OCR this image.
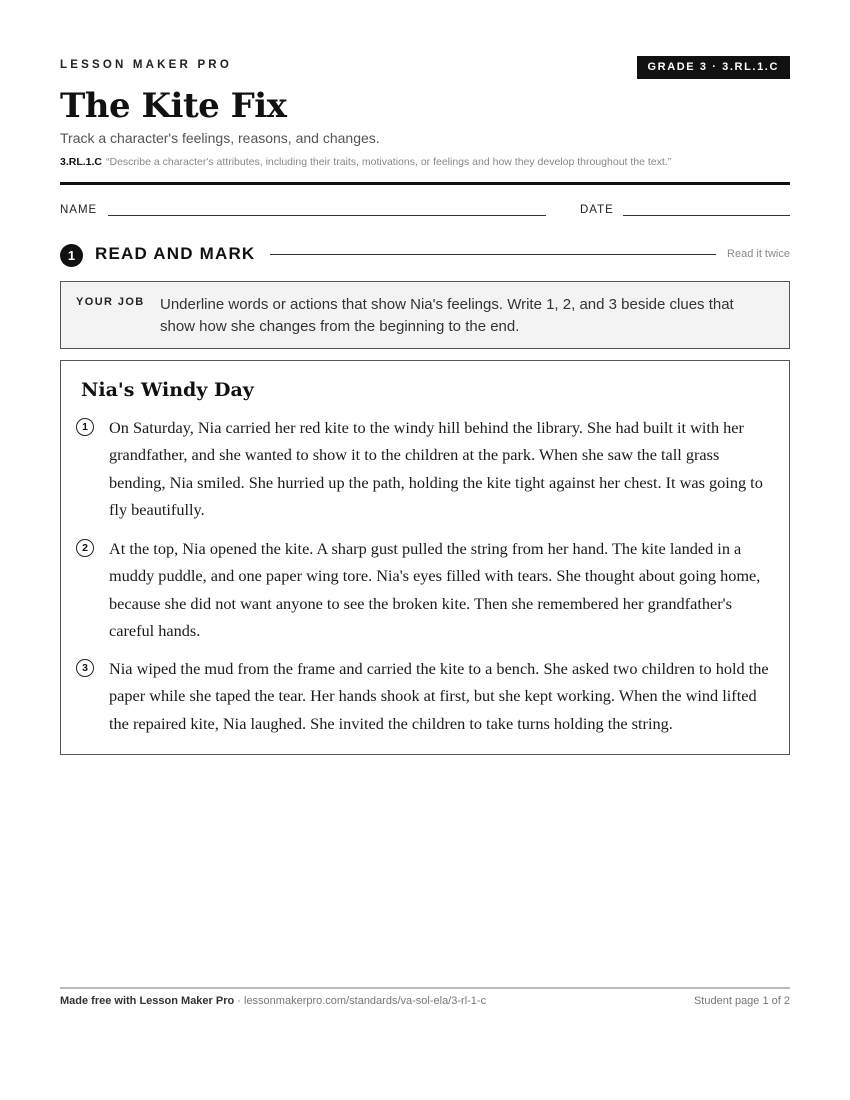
LESSON MAKER PRO	GRADE 3 · 3.RL.1.C
The Kite Fix
Track a character's feelings, reasons, and changes.
3.RL.1.C “Describe a character's attributes, including their traits, motivations, or feelings and how they develop throughout the text.”
NAME	DATE
1	READ AND MARK	Read it twice
YOUR JOB Underline words or actions that show Nia's feelings. Write 1, 2, and 3 beside clues that show how she changes from the beginning to the end.
Nia's Windy Day
1	On Saturday, Nia carried her red kite to the windy hill behind the library. She had built it with her grandfather, and she wanted to show it to the children at the park. When she saw the tall grass bending, Nia smiled. She hurried up the path, holding the kite tight against her chest. It was going to fly beautifully.

2	At the top, Nia opened the kite. A sharp gust pulled the string from her hand. The kite landed in a muddy puddle, and one paper wing tore. Nia's eyes filled with tears. She thought about going home, because she did not want anyone to see the broken kite. Then she remembered her grandfather's careful hands.

3	Nia wiped the mud from the frame and carried the kite to a bench. She asked two children to hold the paper while she taped the tear. Her hands shook at first, but she kept working. When the wind lifted the repaired kite, Nia laughed. She invited the children to take turns holding the string.

Made free with Lesson Maker Pro · lessonmakerpro.com/standards/va-sol-ela/3-rl-1-c	Student page 1 of 2
